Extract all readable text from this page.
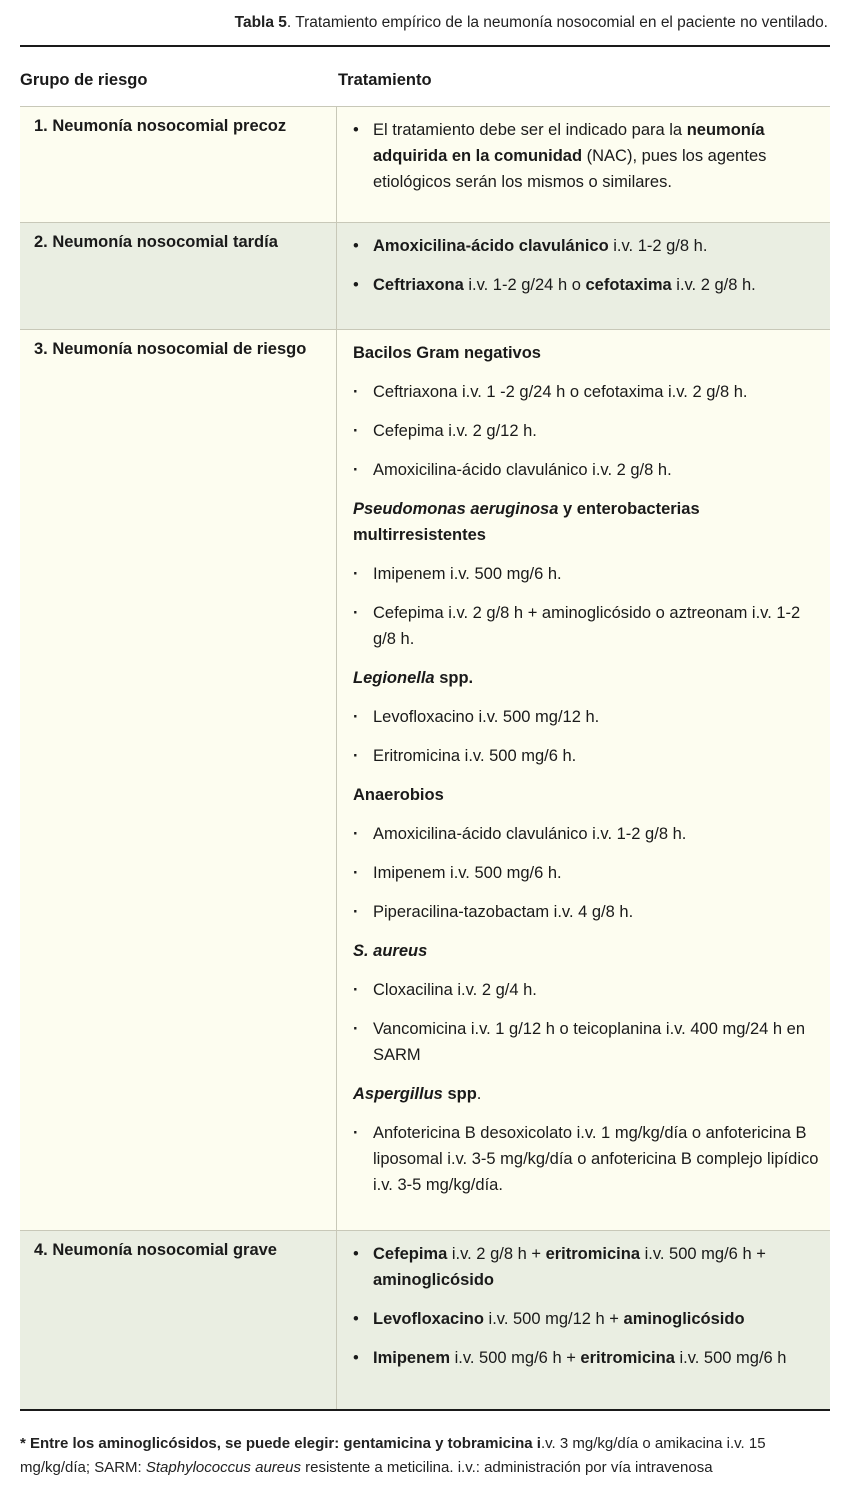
Tabla 5. Tratamiento empírico de la neumonía nosocomial en el paciente no ventilado.
Grupo de riesgo	Tratamiento
1. Neumonía nosocomial precoz	• El tratamiento debe ser el indicado para la neumonía adquirida en la comunidad (NAC), pues los agentes etiológicos serán los mismos o similares.
2. Neumonía nosocomial tardía	• Amoxicilina-ácido clavulánico i.v. 1-2 g/8 h.
• Ceftriaxona i.v. 1-2 g/24 h o cefotaxima i.v. 2 g/8 h.
3. Neumonía nosocomial de riesgo	Bacilos Gram negativos
· Ceftriaxona i.v. 1 -2 g/24 h o cefotaxima i.v. 2 g/8 h.
· Cefepima i.v. 2 g/12 h.
· Amoxicilina-ácido clavulánico i.v. 2 g/8 h.
Pseudomonas aeruginosa y enterobacterias multirresistentes
· Imipenem i.v. 500 mg/6 h.
· Cefepima i.v. 2 g/8 h + aminoglicósido o aztreonam i.v. 1-2 g/8 h.
Legionella spp.
· Levofloxacino i.v. 500 mg/12 h.
· Eritromicina i.v. 500 mg/6 h.
Anaerobios
· Amoxicilina-ácido clavulánico i.v. 1-2 g/8 h.
· Imipenem i.v. 500 mg/6 h.
· Piperacilina-tazobactam i.v. 4 g/8 h.
S. aureus
· Cloxacilina i.v. 2 g/4 h.
· Vancomicina i.v. 1 g/12 h o teicoplanina i.v. 400 mg/24 h en SARM
Aspergillus spp.
· Anfotericina B desoxicolato i.v. 1 mg/kg/día o anfotericina B liposomal i.v. 3-5 mg/kg/día o anfotericina B complejo lipídico i.v. 3-5 mg/kg/día.
4. Neumonía nosocomial grave	• Cefepima i.v. 2 g/8 h + eritromicina i.v. 500 mg/6 h + aminoglicósido
• Levofloxacino i.v. 500 mg/12 h + aminoglicósido
• Imipenem i.v. 500 mg/6 h + eritromicina i.v. 500 mg/6 h
* Entre los aminoglicósidos, se puede elegir: gentamicina y tobramicina i.v. 3 mg/kg/día o amikacina i.v. 15 mg/kg/día; SARM: Staphylococcus aureus resistente a meticilina. i.v.: administración por vía intravenosa
